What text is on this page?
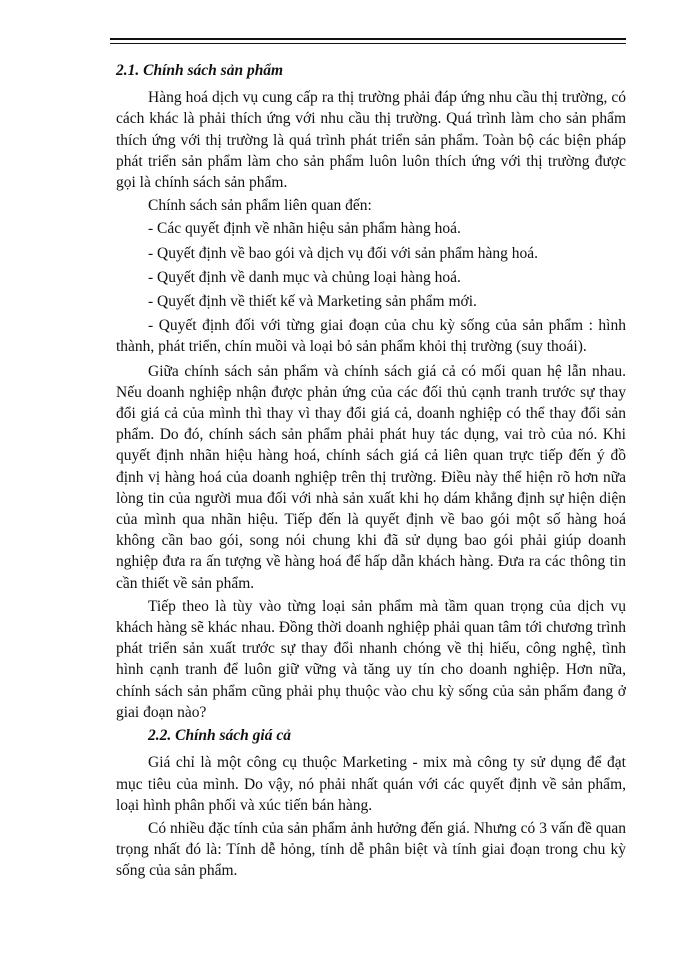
2.1. Chính sách sản phẩm

Hàng hoá dịch vụ cung cấp ra thị trường phải đáp ứng nhu cầu thị trường, có cách khác là phải thích ứng với nhu cầu thị trường. Quá trình làm cho sản phẩm thích ứng với thị trường là quá trình phát triển sản phẩm. Toàn bộ các biện pháp phát triển sản phẩm làm cho sản phẩm luôn luôn thích ứng với thị trường được gọi là chính sách sản phẩm.

Chính sách sản phẩm liên quan đến:

- Các quyết định về nhãn hiệu sản phẩm hàng hoá.

- Quyết định về bao gói và dịch vụ đối với sản phẩm hàng hoá.

- Quyết định về danh mục và chủng loại hàng hoá.

- Quyết định về thiết kế và Marketing sản phẩm mới.

- Quyết định đối với từng giai đoạn của chu kỳ sống của sản phẩm : hình thành, phát triển, chín muồi và loại bỏ sản phẩm khỏi thị trường (suy thoái).

Giữa chính sách sản phẩm và chính sách giá cả có mối quan hệ lẫn nhau. Nếu doanh nghiệp nhận được phản ứng của các đối thủ cạnh tranh trước sự thay đổi giá cả của mình thì thay vì thay đổi giá cả, doanh nghiệp có thể thay đổi sản phẩm. Do đó, chính sách sản phẩm phải phát huy tác dụng, vai trò của nó. Khi quyết định nhãn hiệu hàng hoá, chính sách giá cả liên quan trực tiếp đến ý đồ định vị hàng hoá của doanh nghiệp trên thị trường. Điều này thể hiện rõ hơn nữa lòng tin của người mua đối với nhà sản xuất khi họ dám khẳng định sự hiện diện của mình qua nhãn hiệu. Tiếp đến là quyết định về bao gói một số hàng hoá không cần bao gói, song nói chung khi đã sử dụng bao gói phải giúp doanh nghiệp đưa ra ấn tượng về hàng hoá để hấp dẫn khách hàng. Đưa ra các thông tin cần thiết về sản phẩm.

Tiếp theo là tùy vào từng loại sản phẩm mà tầm quan trọng của dịch vụ khách hàng sẽ khác nhau. Đồng thời doanh nghiệp phải quan tâm tới chương trình phát triển sản xuất trước sự thay đổi nhanh chóng về thị hiếu, công nghệ, tình hình cạnh tranh để luôn giữ vững và tăng uy tín cho doanh nghiệp. Hơn nữa, chính sách sản phẩm cũng phải phụ thuộc vào chu kỳ sống của sản phẩm đang ở giai đoạn nào?

2.2. Chính sách giá cả

Giá chỉ là một công cụ thuộc Marketing - mix mà công ty sử dụng để đạt mục tiêu của mình. Do vậy, nó phải nhất quán với các quyết định về sản phẩm, loại hình phân phối và xúc tiến bán hàng.

Có nhiều đặc tính của sản phẩm ảnh hưởng đến giá. Nhưng có 3 vấn đề quan trọng nhất đó là: Tính dễ hỏng, tính dễ phân biệt và tính giai đoạn trong chu kỳ sống của sản phẩm.
